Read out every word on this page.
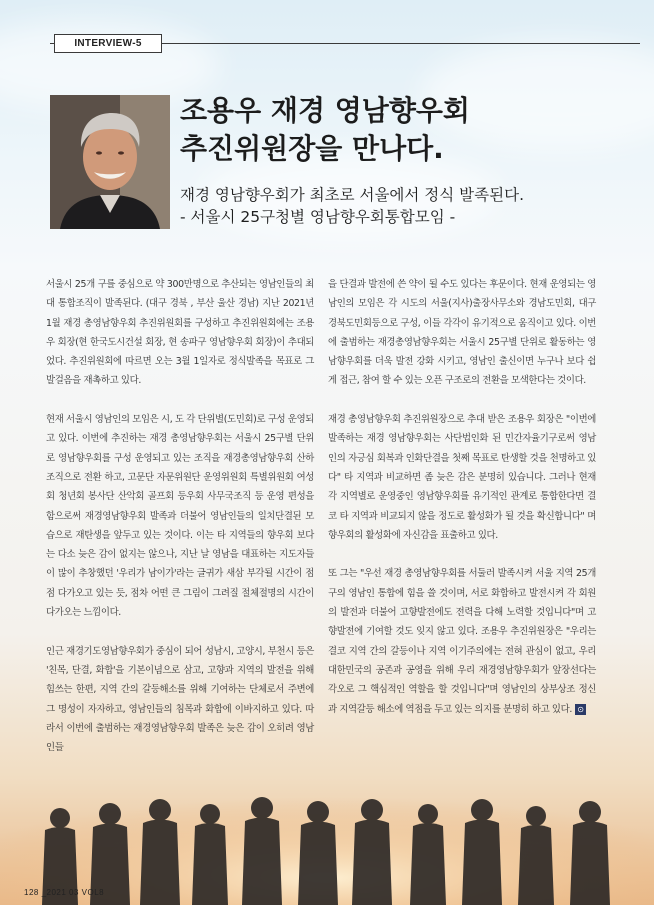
INTERVIEW-5
조용우 재경 영남향우회
추진위원장을 만나다.
재경 영남향우회가 최초로 서울에서 정식 발족된다.
- 서울시 25구청별 영남향우회통합모임 -

서울시 25개 구를 중심으로 약 300만명으로 추산되는 영남인들의 최대 통합조직이 발족된다. (대구 경북 , 부산 울산 경남) 지난 2021년 1월 재경 총영남향우회 추진위원회를 구성하고 추진위원회에는 조용우 회장(현 한국도시건설 회장, 현 송파구 영남향우회 회장)이 추대되었다. 추진위원회에 따르면 오는 3월 1일자로 정식발족을 목표로 그 발걸음을 재촉하고 있다.

현재 서울시 영남인의 모임은 시, 도 각 단위별(도민회)로 구성 운영되고 있다. 이번에 추진하는 재경 총영남향우회는 서울시 25구별 단위로 영남향우회를 구성 운영되고 있는 조직을 재경총영남향우회 산하조직으로 전환 하고, 고문단 자문위원단 운영위원회 특별위원회 여성회 청년회 봉사단 산악회 골프회 등우회 사무국조직 등 운영 편성을 함으로써 재경영남향우회 발족과 더불어 영남인들의 일치단결된 모습으로 재탄생을 앞두고 있는 것이다. 이는 타 지역들의 향우회 보다는 다소 늦은 감이 없지는 않으나, 지난 날 영남을 대표하는 지도자들이 많이 추창했던 '우리가 남이가'라는 글귀가 새삼 부각될 시간이 점점 다가오고 있는 듯, 점차 어떤 큰 그림이 그려질 절체절명의 시간이 다가오는 느낌이다.

인근 재경기도영남향우회가 중심이 되어 성남시, 고양시, 부천시 등은 '친목, 단결, 화합'을 기본이념으로 삼고, 고향과 지역의 발전을 위해 힘쓰는 한편, 지역 간의 갈등해소를 위해 기여하는 단체로서 주변에 그 명성이 자자하고, 영남인들의 침목과 화합에 이바지하고 있다. 따라서 이번에 출범하는 재경영남향우회 발족은 늦은 감이 오히려 영남인들

을 단결과 발전에 쓴 약이 될 수도 있다는 후문이다. 현재 운영되는 영남인의 모임은 각 시도의 서울(지사)출장사무소와 경남도민회, 대구경북도민회등으로 구성, 이들 각각이 유기적으로 움직이고 있다. 이번에 출범하는 재경총영남향우회는 서울시 25구별 단위로 활동하는 영남향우회를 더욱 발전 강화 시키고, 영남인 출신이면 누구나 보다 쉽게 접근, 참여 할 수 있는 오픈 구조로의 전환을 모색한다는 것이다.

재경 총영남향우회 추진위원장으로 추대 받은 조용우 회장은 "이번에 발족하는 재경 영남향우회는 사단법인화 된 민간자율기구로써 영남인의 자긍심 회복과 인화단결을 첫째 목표로 탄생할 것을 천명하고 있다" 타 지역과 비교하면 좀 늦은 감은 분명히 있습니다. 그러나 현재 각 지역별로 운영중인 영남향우회를 유기적인 관계로 통합한다면 결코 타 지역과 비교되지 않을 정도로 활성화가 될 것을 확신합니다" 며 향우회의 활성화에 자신감을 표출하고 있다.

또 그는 "우선 재경 총영남향우회를 서둘러 발족시켜 서울 지역 25개 구의 영남인 통합에 힘을 쓸 것이며, 서로 화합하고 발전시켜 각 회원의 발전과 더불어 고향발전에도 전력을 다해 노력할 것입니다"며 고향발전에 기여할 것도 잊지 않고 있다. 조용우 추진위원장은 "우리는 결코 지역 간의 갈등이나 지역 이기주의에는 전혀 관심이 없고, 우리 대한민국의 공존과 공영을 위해 우리 재경영남향우회가 앞장선다는 각오로 그 핵심적인 역할을 할 것입니다"며 영남인의 상부상조 정신과 지역갈등 해소에 역점을 두고 있는 의지를 분명히 하고 있다. ⊙

128 _2021 03 VOL8
